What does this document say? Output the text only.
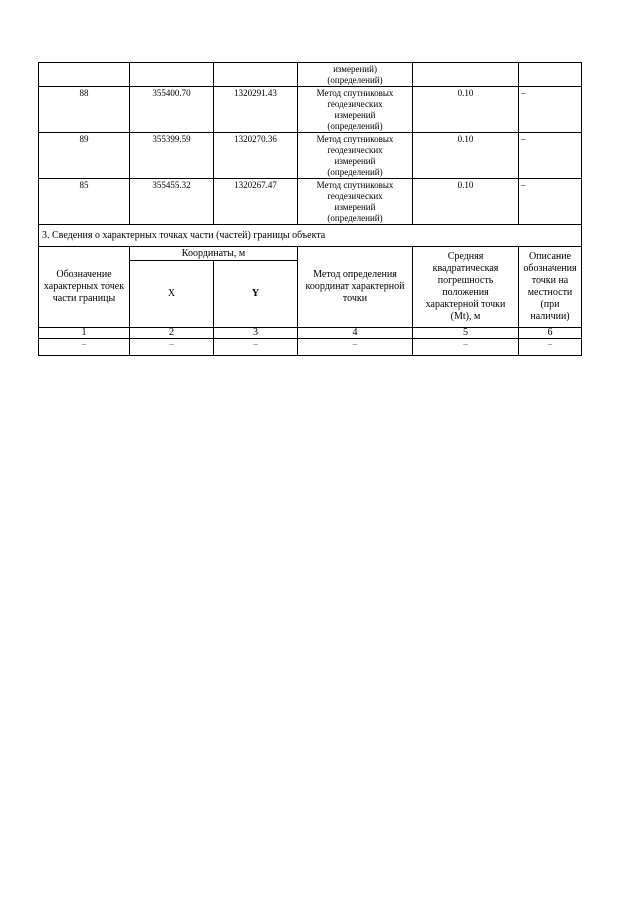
			измерений)
(определений)		
88	355400.70	1320291.43	Метод спутниковых
геодезических
измерений
(определений)	0.10	–
89	355399.59	1320270.36	Метод спутниковых
геодезических
измерений
(определений)	0.10	–
85	355455.32	1320267.47	Метод спутниковых
геодезических
измерений
(определений)	0.10	–
3. Сведения о характерных точках части (частей) границы объекта					
Обозначение характерных точек части границы	Координаты, м		Метод определения координат характерной точки	Средняя квадратическая погрешность положения характерной точки (Mt), м	Описание обозначения точки на местности (при наличии)
	X	Y			
1	2	3	4	5	6
–	–	–	–	–	–
